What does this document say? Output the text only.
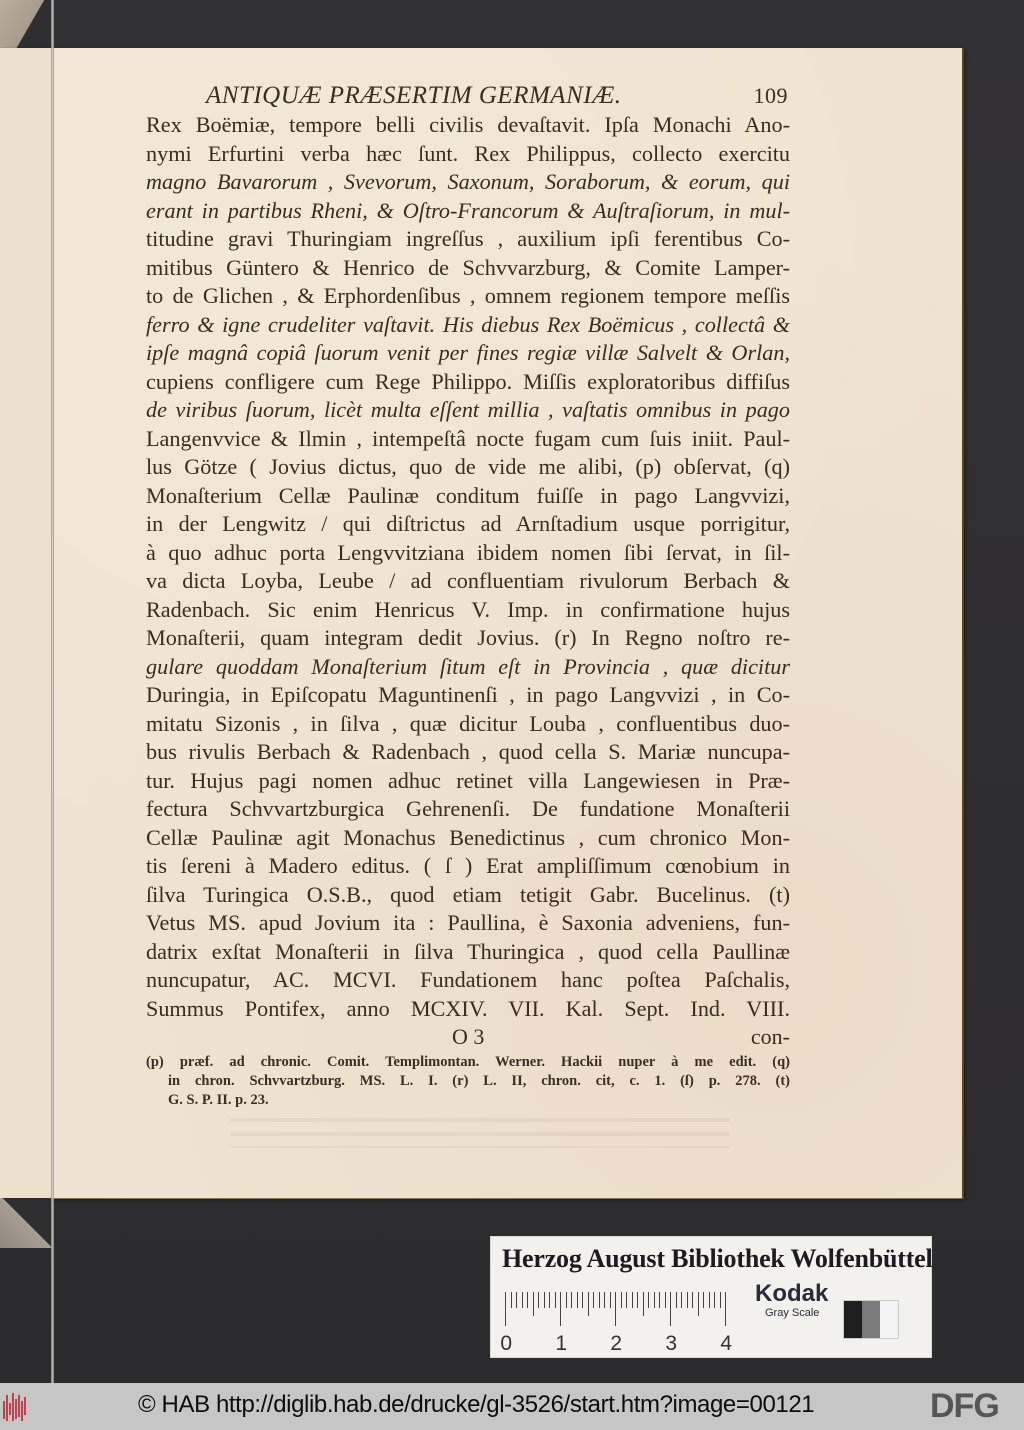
ANTIQUÆ PRÆSERTIM GERMANIÆ.	109
Rex Boëmiæ, tempore belli civilis devaſtavit. Ipſa Monachi Ano-
nymi Erfurtini verba hæc ſunt. Rex Philippus, collecto exercitu
magno Bavarorum , Svevorum, Saxonum, Soraborum, & eorum, qui
erant in partibus Rheni, & Oſtro-Francorum & Auſtraſiorum, in mul-
titudine gravi Thuringiam ingreſſus , auxilium ipſi ferentibus Co-
mitibus Güntero & Henrico de Schvvarzburg, & Comite Lamper-
to de Glichen , & Erphordenſibus , omnem regionem tempore meſſis
ferro & igne crudeliter vaſtavit. His diebus Rex Boëmicus , collectâ &
ipſe magnâ copiâ ſuorum venit per fines regiæ villæ Salvelt & Orlan,
cupiens confligere cum Rege Philippo. Miſſis exploratoribus diffiſus
de viribus ſuorum, licèt multa eſſent millia , vaſtatis omnibus in pago
Langenvvice & Ilmin , intempeſtâ nocte fugam cum ſuis iniit. Paul-
lus Götze ( Jovius dictus, quo de vide me alibi, (p) obſervat, (q)
Monaſterium Cellæ Paulinæ conditum fuiſſe in pago Langvvizi,
in der Lengwitz / qui diſtrictus ad Arnſtadium usque porrigitur,
à quo adhuc porta Lengvvitziana ibidem nomen ſibi ſervat, in ſil-
va dicta Loyba, Leube / ad confluentiam rivulorum Berbach &
Radenbach. Sic enim Henricus V. Imp. in confirmatione hujus
Monaſterii, quam integram dedit Jovius. (r) In Regno noſtro re-
gulare quoddam Monaſterium ſitum eſt in Provincia , quæ dicitur
Duringia, in Epiſcopatu Maguntinenſi , in pago Langvvizi , in Co-
mitatu Sizonis , in ſilva , quæ dicitur Louba , confluentibus duo-
bus rivulis Berbach & Radenbach , quod cella S. Mariæ nuncupa-
tur. Hujus pagi nomen adhuc retinet villa Langewiesen in Præ-
fectura Schvvartzburgica Gehrenenſi. De fundatione Monaſterii
Cellæ Paulinæ agit Monachus Benedictinus , cum chronico Mon-
tis ſereni à Madero editus. ( ſ ) Erat ampliſſimum cœnobium in
ſilva Turingica O.S.B., quod etiam tetigit Gabr. Bucelinus. (t)
Vetus MS. apud Jovium ita : Paullina, è Saxonia adveniens, fun-
datrix exſtat Monaſterii in ſilva Thuringica , quod cella Paullinæ
nuncupatur, AC. MCVI. Fundationem hanc poſtea Paſchalis,
Summus Pontifex, anno MCXIV. VII. Kal. Sept. Ind. VIII.
O 3	con-
(p) præf. ad chronic. Comit. Templimontan. Werner. Hackii nuper à me edit. (q)
in chron. Schvvartzburg. MS. L. I. (r) L. II, chron. cit, c. 1. (ſ) p. 278. (t)
G. S. P. II. p. 23.
Herzog August Bibliothek Wolfenbüttel
0 1 2 3 4
Kodak
Gray Scale
© HAB http://diglib.hab.de/drucke/gl-3526/start.htm?image=00121	DFG
